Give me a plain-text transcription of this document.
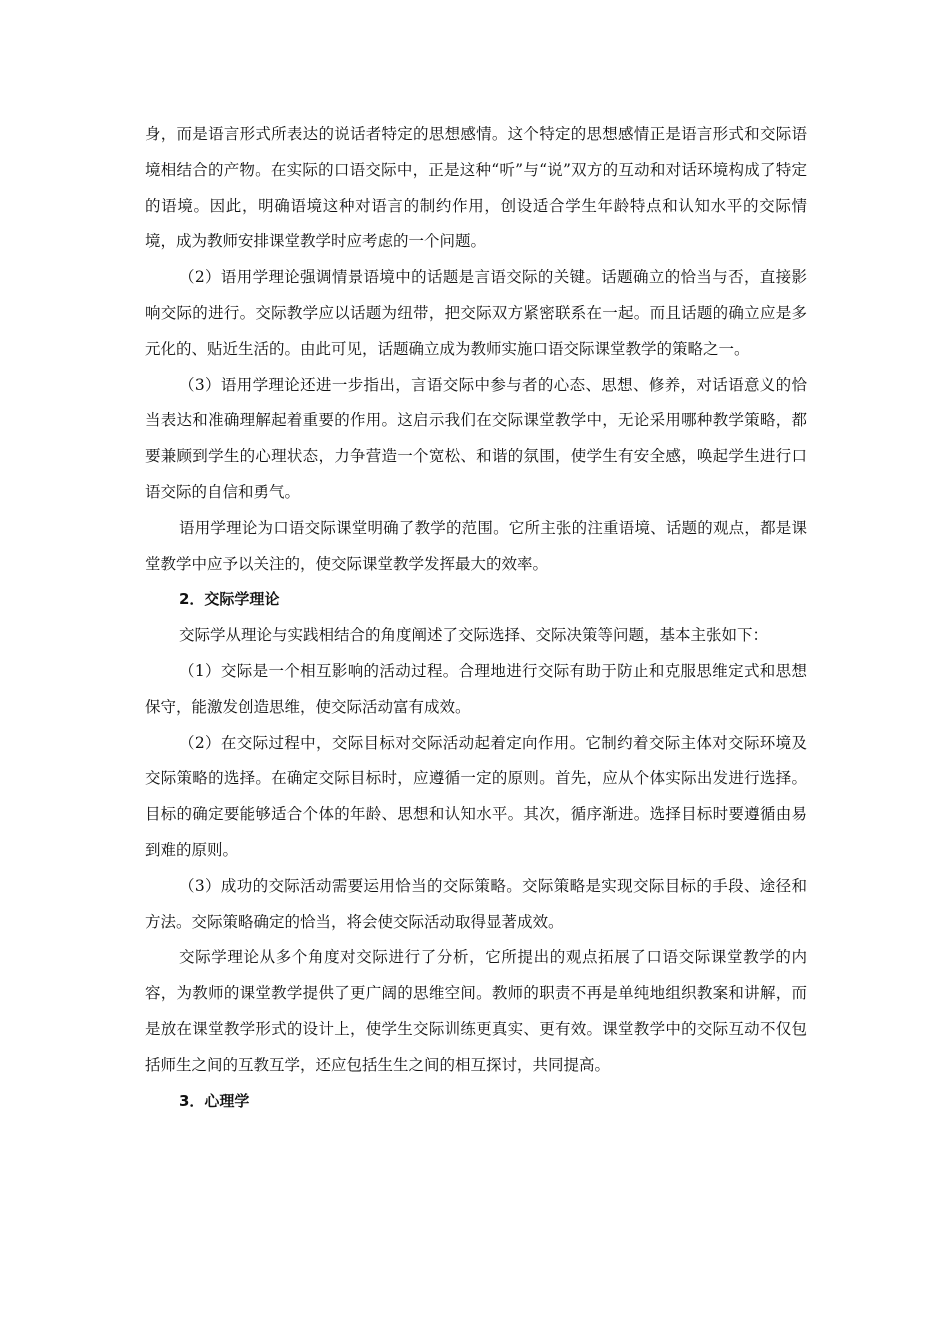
身，而是语言形式所表达的说话者特定的思想感情。这个特定的思想感情正是语言形式和交际语境相结合的产物。在实际的口语交际中，正是这种“听”与“说”双方的互动和对话环境构成了特定的语境。因此，明确语境这种对语言的制约作用，创设适合学生年龄特点和认知水平的交际情境，成为教师安排课堂教学时应考虑的一个问题。

（2）语用学理论强调情景语境中的话题是言语交际的关键。话题确立的恰当与否，直接影响交际的进行。交际教学应以话题为纽带，把交际双方紧密联系在一起。而且话题的确立应是多元化的、贴近生活的。由此可见，话题确立成为教师实施口语交际课堂教学的策略之一。

（3）语用学理论还进一步指出，言语交际中参与者的心态、思想、修养，对话语意义的恰当表达和准确理解起着重要的作用。这启示我们在交际课堂教学中，无论采用哪种教学策略，都要兼顾到学生的心理状态，力争营造一个宽松、和谐的氛围，使学生有安全感，唤起学生进行口语交际的自信和勇气。

语用学理论为口语交际课堂明确了教学的范围。它所主张的注重语境、话题的观点，都是课堂教学中应予以关注的，使交际课堂教学发挥最大的效率。

2．交际学理论

交际学从理论与实践相结合的角度阐述了交际选择、交际决策等问题，基本主张如下：

（1）交际是一个相互影响的活动过程。合理地进行交际有助于防止和克服思维定式和思想保守，能激发创造思维，使交际活动富有成效。

（2）在交际过程中，交际目标对交际活动起着定向作用。它制约着交际主体对交际环境及交际策略的选择。在确定交际目标时，应遵循一定的原则。首先，应从个体实际出发进行选择。目标的确定要能够适合个体的年龄、思想和认知水平。其次，循序渐进。选择目标时要遵循由易到难的原则。

（3）成功的交际活动需要运用恰当的交际策略。交际策略是实现交际目标的手段、途径和方法。交际策略确定的恰当，将会使交际活动取得显著成效。

交际学理论从多个角度对交际进行了分析，它所提出的观点拓展了口语交际课堂教学的内容，为教师的课堂教学提供了更广阔的思维空间。教师的职责不再是单纯地组织教案和讲解，而是放在课堂教学形式的设计上，使学生交际训练更真实、更有效。课堂教学中的交际互动不仅包括师生之间的互教互学，还应包括生生之间的相互探讨，共同提高。

3．心理学
